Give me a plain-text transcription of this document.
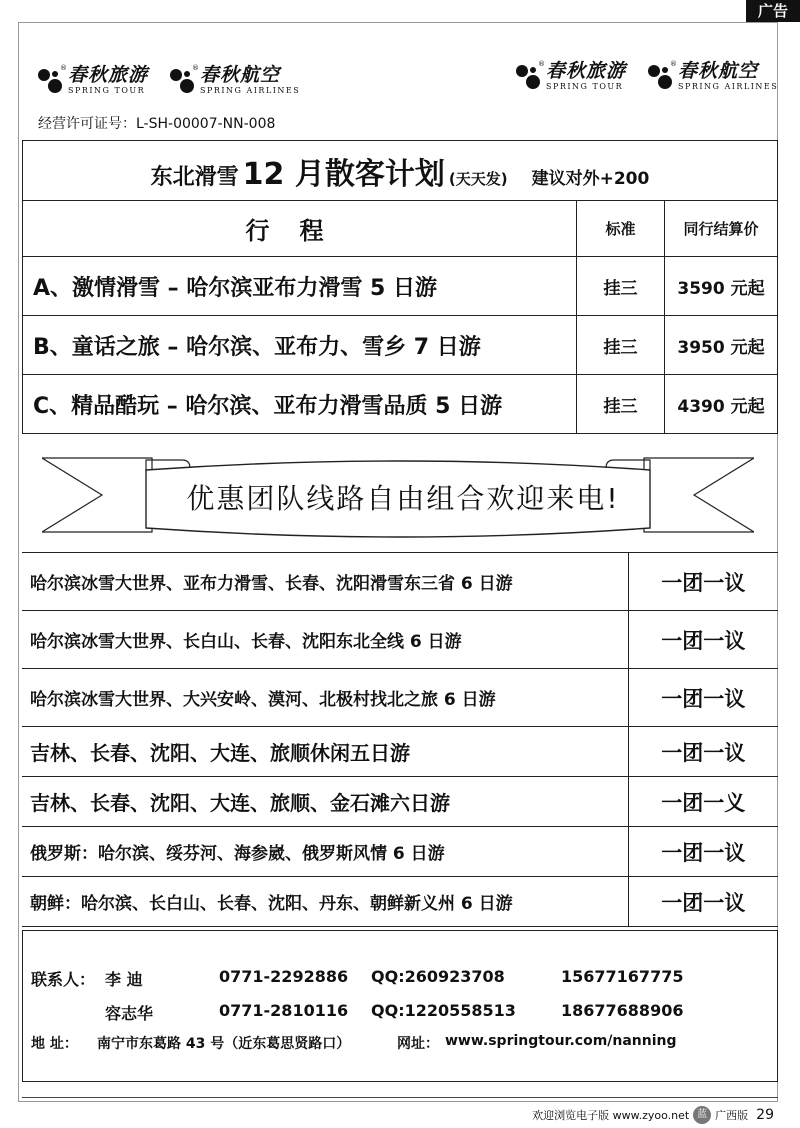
广告
® 春秋旅游
SPRING TOUR
® 春秋航空
SPRING AIRLINES
® 春秋旅游
SPRING TOUR
® 春秋航空
SPRING AIRLINES
经营许可证号：L-SH-00007-NN-008
东北滑雪 12 月散客计划 (天天发) 建议对外+200		

行程	标准	同行结算价
A、激情滑雪 – 哈尔滨亚布力滑雪 5 日游	挂三	3590 元起
B、童话之旅 – 哈尔滨、亚布力、雪乡 7 日游	挂三	3950 元起
C、精品酷玩 – 哈尔滨、亚布力滑雪品质 5 日游	挂三	4390 元起
优惠团队线路自由组合欢迎来电!
哈尔滨冰雪大世界、亚布力滑雪、长春、沈阳滑雪东三省 6 日游	一团一议
哈尔滨冰雪大世界、长白山、长春、沈阳东北全线 6 日游	一团一议
哈尔滨冰雪大世界、大兴安岭、漠河、北极村找北之旅 6 日游	一团一议
吉林、长春、沈阳、大连、旅顺休闲五日游	一团一议
吉林、长春、沈阳、大连、旅顺、金石滩六日游	一团一义
俄罗斯：哈尔滨、绥芬河、海参崴、俄罗斯风情 6 日游	一团一议
朝鲜：哈尔滨、长白山、长春、沈阳、丹东、朝鲜新义州 6 日游	一团一议
联系人： 李 迪	0771-2292886 QQ:260923708	15677167775
容志华	0771-2810116 QQ:1220558513	18677688906
地 址： 南宁市东葛路 43 号（近东葛思贤路口）	网址： www.springtour.com/nanning
欢迎浏览电子版 www.zyoo.net 蓝 广西版 29
